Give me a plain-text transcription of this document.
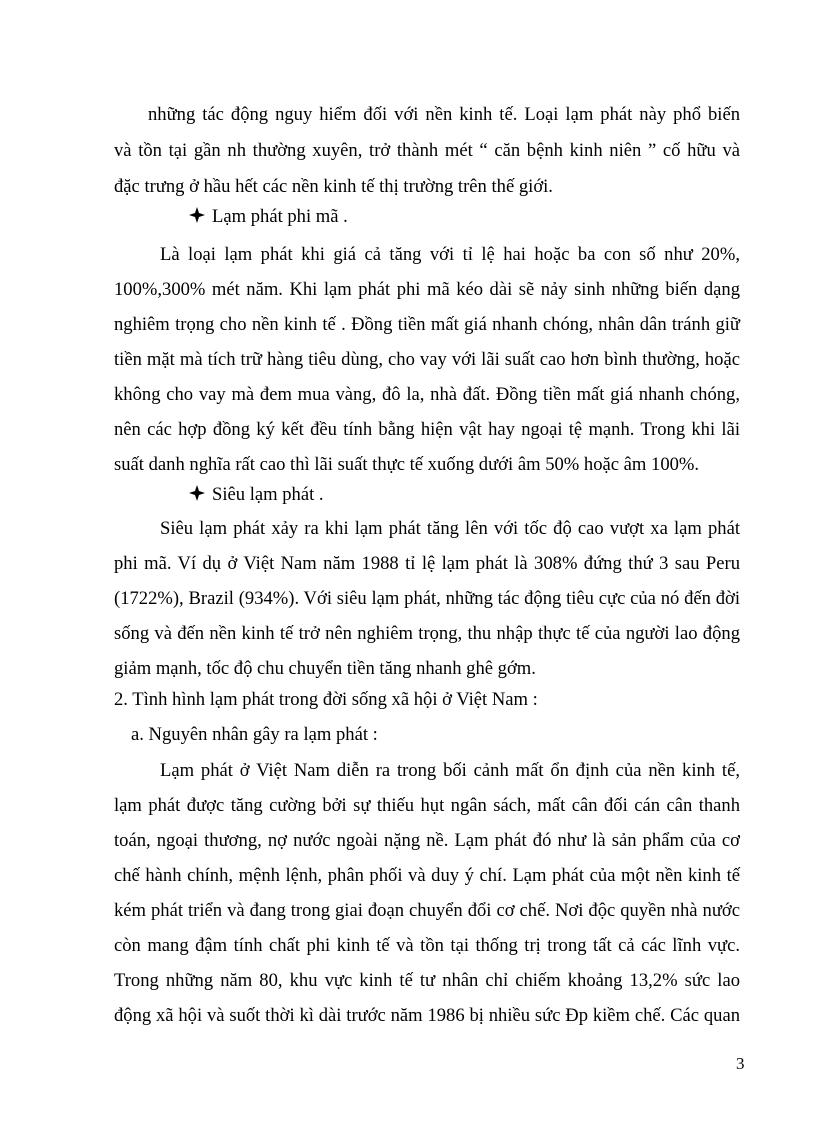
những tác động nguy hiểm đối với nền kinh tế. Loại lạm phát này phổ biến
và tồn tại gần nh thường xuyên, trở thành mét “ căn bệnh kinh niên ” cố hữu và
đặc trưng ở hầu hết các nền kinh tế thị trường trên thế giới.
Lạm phát phi mã .
Là loại lạm phát khi giá cả tăng với tỉ lệ hai hoặc ba con số như 20%,
100%,300% mét năm. Khi lạm phát phi mã kéo dài sẽ nảy sinh những biến dạng
nghiêm trọng cho nền kinh tế . Đồng tiền mất giá nhanh chóng, nhân dân tránh giữ
tiền mặt mà tích trữ hàng tiêu dùng, cho vay với lãi suất cao hơn bình thường, hoặc
không cho vay mà đem mua vàng, đô la, nhà đất. Đồng tiền mất giá nhanh chóng,
nên các hợp đồng ký kết đều tính bằng hiện vật hay ngoại tệ mạnh. Trong khi lãi
suất danh nghĩa rất cao thì lãi suất thực tế xuống dưới âm 50% hoặc âm 100%.
Siêu lạm phát .
Siêu lạm phát xảy ra khi lạm phát tăng lên với tốc độ cao vượt xa lạm phát
phi mã. Ví dụ ở Việt Nam năm 1988 tỉ lệ lạm phát là 308% đứng thứ 3 sau Peru
(1722%), Brazil (934%). Với siêu lạm phát, những tác động tiêu cực của nó đến đời
sống và đến nền kinh tế trở nên nghiêm trọng, thu nhập thực tế của người lao động
giảm mạnh, tốc độ chu chuyển tiền tăng nhanh ghê gớm.
2. Tình hình lạm phát trong đời sống xã hội ở Việt Nam :
a. Nguyên nhân gây ra lạm phát :
Lạm phát ở Việt Nam diễn ra trong bối cảnh mất ổn định của nền kinh tế,
lạm phát được tăng cường bởi sự thiếu hụt ngân sách, mất cân đối cán cân thanh
toán, ngoại thương, nợ nước ngoài nặng nề. Lạm phát đó như là sản phẩm của cơ
chế hành chính, mệnh lệnh, phân phối và duy ý chí. Lạm phát của một nền kinh tế
kém phát triển và đang trong giai đoạn chuyển đổi cơ chế. Nơi độc quyền nhà nước
còn mang đậm tính chất phi kinh tế và tồn tại thống trị trong tất cả các lĩnh vực.
Trong những năm 80, khu vực kinh tế tư nhân chỉ chiếm khoảng 13,2% sức lao
động xã hội và suốt thời kì dài trước năm 1986 bị nhiều sức Đp kiềm chế. Các quan
3
